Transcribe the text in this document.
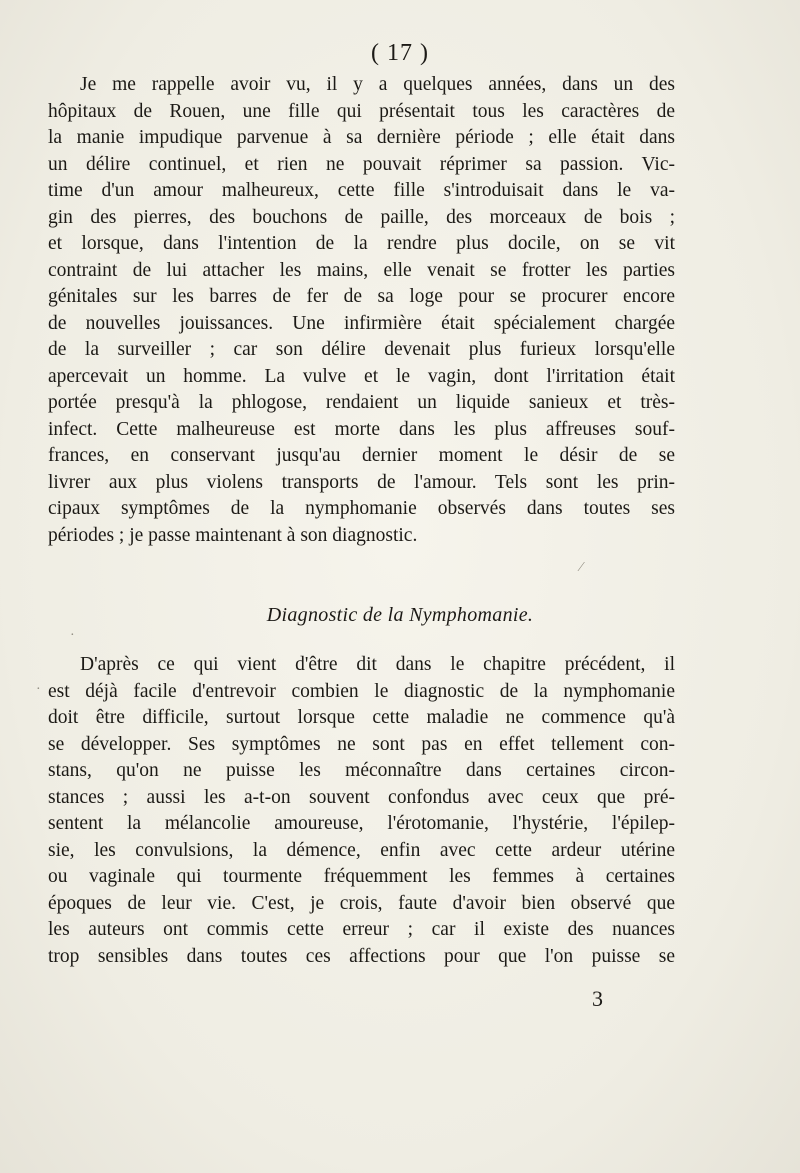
( 17 )
Je me rappelle avoir vu, il y a quelques années, dans un des
hôpitaux de Rouen, une fille qui présentait tous les caractères de
la manie impudique parvenue à sa dernière période ; elle était dans
un délire continuel, et rien ne pouvait réprimer sa passion. Vic-
time d'un amour malheureux, cette fille s'introduisait dans le va-
gin des pierres, des bouchons de paille, des morceaux de bois ;
et lorsque, dans l'intention de la rendre plus docile, on se vit
contraint de lui attacher les mains, elle venait se frotter les parties
génitales sur les barres de fer de sa loge pour se procurer encore
de nouvelles jouissances. Une infirmière était spécialement chargée
de la surveiller ; car son délire devenait plus furieux lorsqu'elle
apercevait un homme. La vulve et le vagin, dont l'irritation était
portée presqu'à la phlogose, rendaient un liquide sanieux et très-
infect. Cette malheureuse est morte dans les plus affreuses souf-
frances, en conservant jusqu'au dernier moment le désir de se
livrer aux plus violens transports de l'amour. Tels sont les prin-
cipaux symptômes de la nymphomanie observés dans toutes ses
périodes ; je passe maintenant à son diagnostic.
Diagnostic de la Nymphomanie.
D'après ce qui vient d'être dit dans le chapitre précédent, il
est déjà facile d'entrevoir combien le diagnostic de la nymphomanie
doit être difficile, surtout lorsque cette maladie ne commence qu'à
se développer. Ses symptômes ne sont pas en effet tellement con-
stans, qu'on ne puisse les méconnaître dans certaines circon-
stances ; aussi les a-t-on souvent confondus avec ceux que pré-
sentent la mélancolie amoureuse, l'érotomanie, l'hystérie, l'épilep-
sie, les convulsions, la démence, enfin avec cette ardeur utérine
ou vaginale qui tourmente fréquemment les femmes à certaines
époques de leur vie. C'est, je crois, faute d'avoir bien observé que
les auteurs ont commis cette erreur ; car il existe des nuances
trop sensibles dans toutes ces affections pour que l'on puisse se
3
⁄
·
·
